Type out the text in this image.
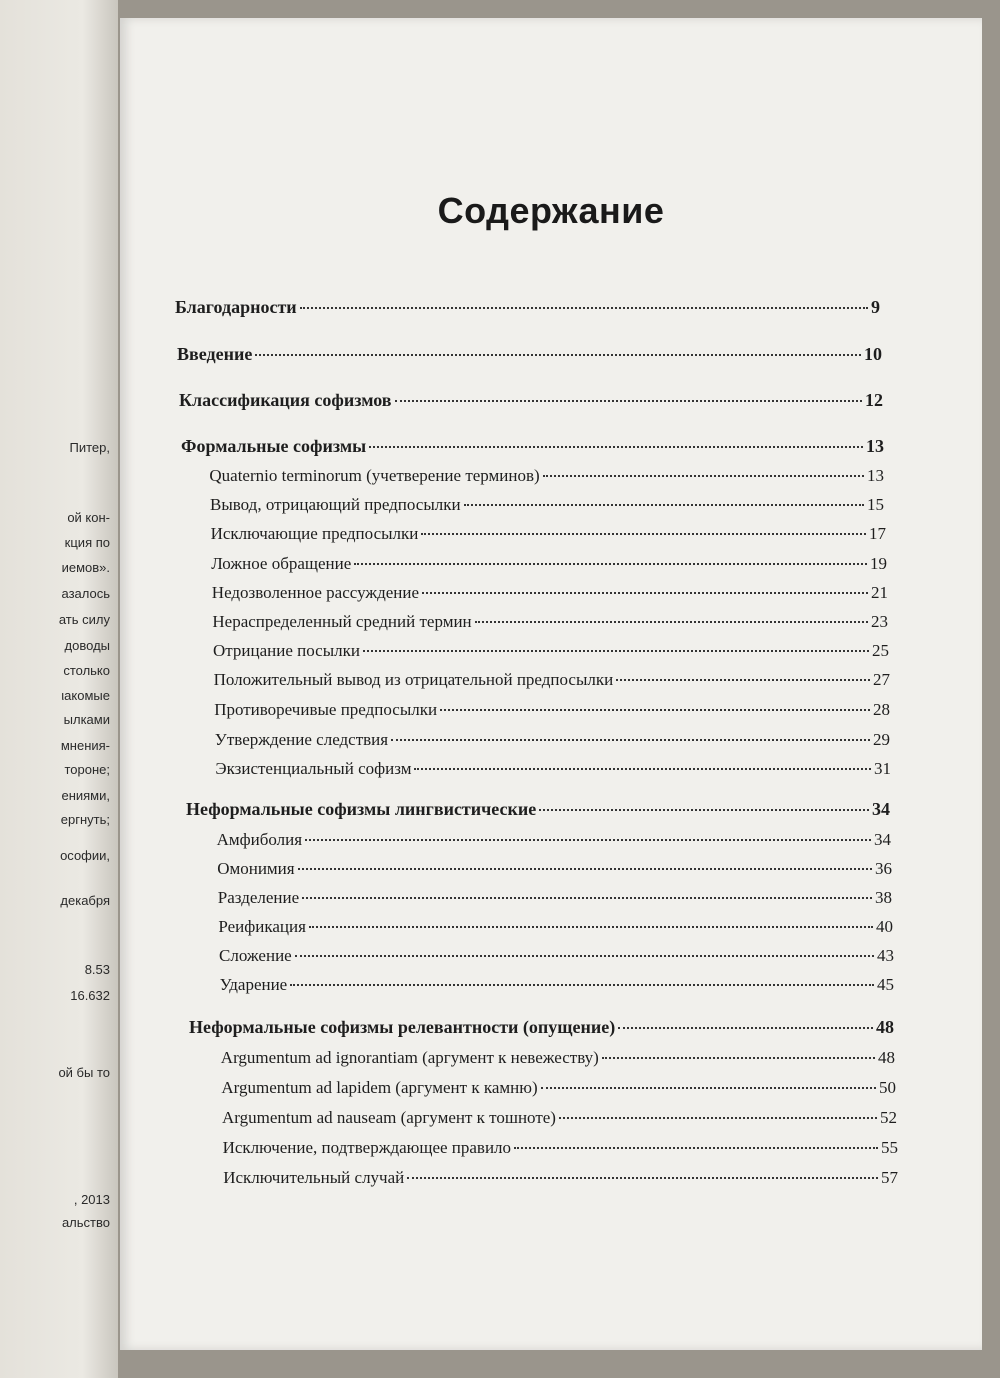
Питер,
ой кон-
кция по
иемов».
азалось
ать силу
доводы
столько
ιакомые
ылками
мнения-
тороне;
ениями,
ергнуть;
ософии,
декабря
8.53
16.632
ой бы то
, 2013
альство
Содержание
Благодарности	9
Введение	10
Классификация софизмов	12
Формальные софизмы	13
Quaternio terminorum (учетверение терминов)	13
Вывод, отрицающий предпосылки	15
Исключающие предпосылки	17
Ложное обращение	19
Недозволенное рассуждение	21
Нераспределенный средний термин	23
Отрицание посылки	25
Положительный вывод из отрицательной предпосылки	27
Противоречивые предпосылки	28
Утверждение следствия	29
Экзистенциальный софизм	31
Неформальные софизмы лингвистические	34
Амфиболия	34
Омонимия	36
Разделение	38
Реификация	40
Сложение	43
Ударение	45
Неформальные софизмы релевантности (опущение)	48
Argumentum ad ignorantiam (аргумент к невежеству)	48
Argumentum ad lapidem (аргумент к камню)	50
Argumentum ad nauseam (аргумент к тошноте)	52
Исключение, подтверждающее правило	55
Исключительный случай	57
